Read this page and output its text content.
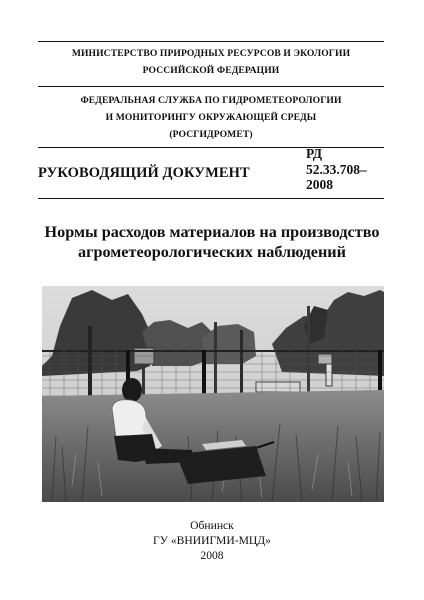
МИНИСТЕРСТВО ПРИРОДНЫХ РЕСУРСОВ И ЭКОЛОГИИ
РОССИЙСКОЙ ФЕДЕРАЦИИ
ФЕДЕРАЛЬНАЯ СЛУЖБА ПО ГИДРОМЕТЕОРОЛОГИИ
И МОНИТОРИНГУ ОКРУЖАЮЩЕЙ СРЕДЫ
(РОСГИДРОМЕТ)
РУКОВОДЯЩИЙ ДОКУМЕНТ
РД
52.33.708–
2008
Нормы расходов материалов на производство
агрометеорологических наблюдений
Обнинск
ГУ «ВНИИГМИ-МЦД»
2008
